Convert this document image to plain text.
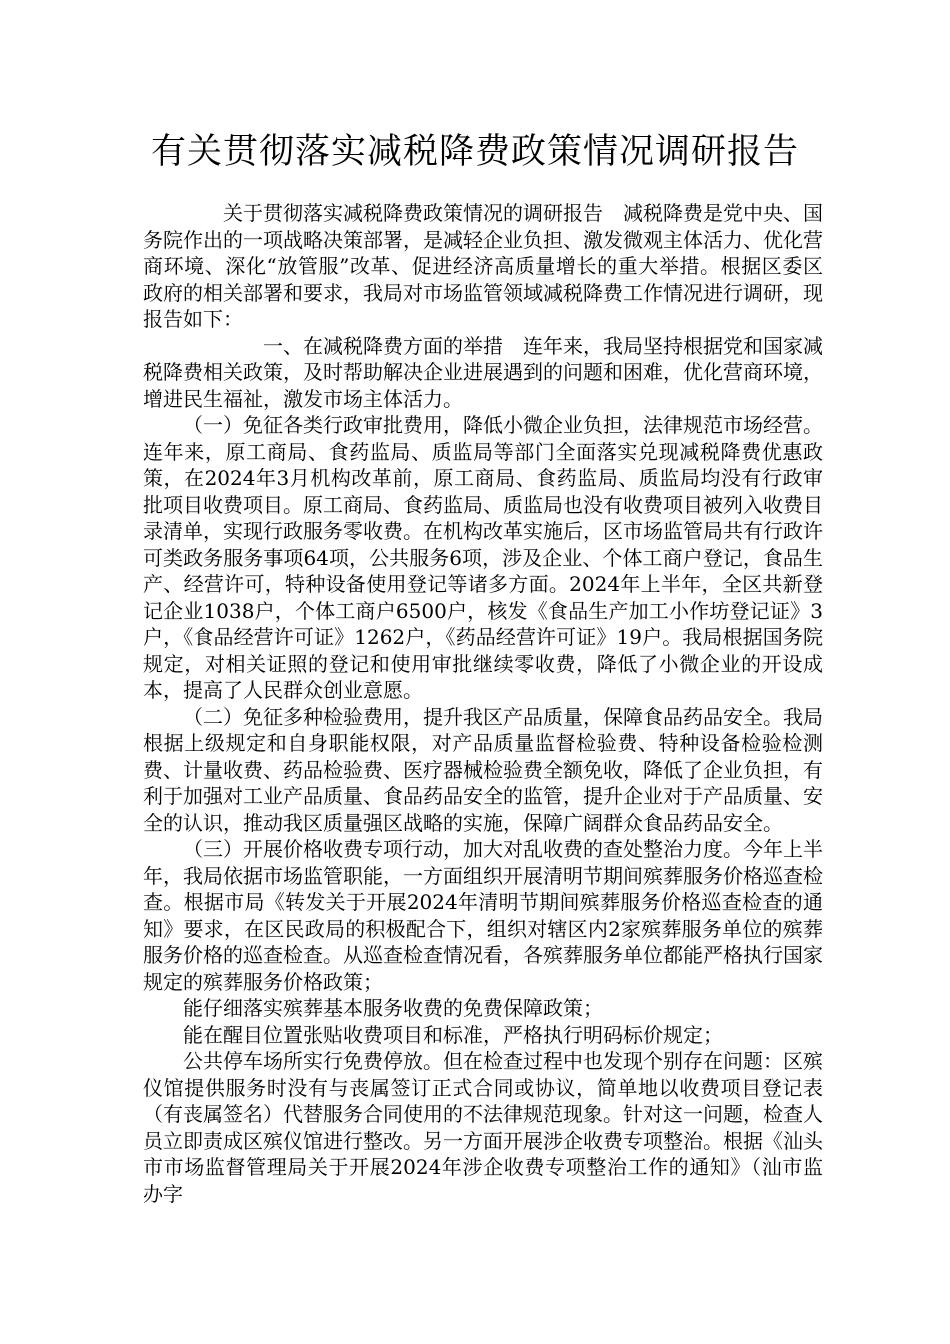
有关贯彻落实减税降费政策情况调研报告

关于贯彻落实减税降费政策情况的调研报告　减税降费是党中央、国务院作出的一项战略决策部署，是减轻企业负担、激发微观主体活力、优化营商环境、深化“放管服”改革、促进经济高质量增长的重大举措。根据区委区政府的相关部署和要求，我局对市场监管领域减税降费工作情况进行调研，现报告如下：

一、在减税降费方面的举措　连年来，我局坚持根据党和国家减税降费相关政策，及时帮助解决企业进展遇到的问题和困难，优化营商环境，增进民生福祉，激发市场主体活力。

（一）免征各类行政审批费用，降低小微企业负担，法律规范市场经营。连年来，原工商局、食药监局、质监局等部门全面落实兑现减税降费优惠政策，在2024年3月机构改革前，原工商局、食药监局、质监局均没有行政审批项目收费项目。原工商局、食药监局、质监局也没有收费项目被列入收费目录清单，实现行政服务零收费。在机构改革实施后，区市场监管局共有行政许可类政务服务事项64项，公共服务6项，涉及企业、个体工商户登记，食品生产、经营许可，特种设备使用登记等诸多方面。2024年上半年，全区共新登记企业1038户，个体工商户6500户，核发《食品生产加工小作坊登记证》3户，《食品经营许可证》1262户，《药品经营许可证》19户。我局根据国务院规定，对相关证照的登记和使用审批继续零收费，降低了小微企业的开设成本，提高了人民群众创业意愿。

（二）免征多种检验费用，提升我区产品质量，保障食品药品安全。我局根据上级规定和自身职能权限，对产品质量监督检验费、特种设备检验检测费、计量收费、药品检验费、医疗器械检验费全额免收，降低了企业负担，有利于加强对工业产品质量、食品药品安全的监管，提升企业对于产品质量、安全的认识，推动我区质量强区战略的实施，保障广阔群众食品药品安全。

（三）开展价格收费专项行动，加大对乱收费的查处整治力度。今年上半年，我局依据市场监管职能，一方面组织开展清明节期间殡葬服务价格巡查检查。根据市局《转发关于开展2024年清明节期间殡葬服务价格巡查检查的通知》要求，在区民政局的积极配合下，组织对辖区内2家殡葬服务单位的殡葬服务价格的巡查检查。从巡查检查情况看，各殡葬服务单位都能严格执行国家规定的殡葬服务价格政策；

能仔细落实殡葬基本服务收费的免费保障政策；

能在醒目位置张贴收费项目和标准，严格执行明码标价规定；

公共停车场所实行免费停放。但在检查过程中也发现个别存在问题：区殡仪馆提供服务时没有与丧属签订正式合同或协议，简单地以收费项目登记表（有丧属签名）代替服务合同使用的不法律规范现象。针对这一问题，检查人员立即责成区殡仪馆进行整改。另一方面开展涉企收费专项整治。根据《汕头市市场监督管理局关于开展2024年涉企收费专项整治工作的通知》（汕市监办字
